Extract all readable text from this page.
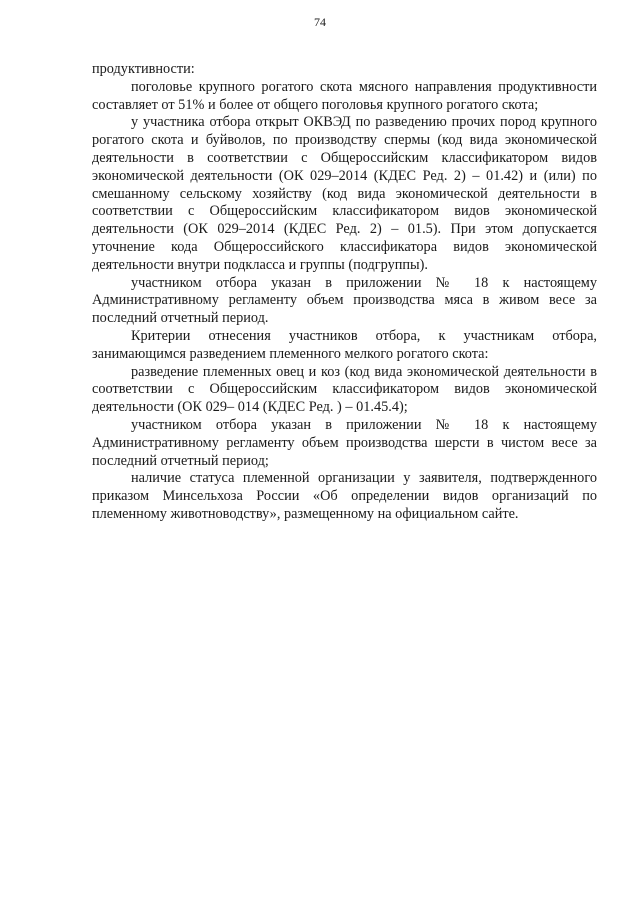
74

продуктивности:

поголовье крупного рогатого скота мясного направления продуктивности составляет от 51% и более от общего поголовья крупного рогатого скота;

у участника отбора открыт ОКВЭД по разведению прочих пород крупного рогатого скота и буйволов, по производству спермы (код вида экономической деятельности в соответствии с Общероссийским классификатором видов экономической деятельности (ОК 029–2014 (КДЕС Ред. 2) – 01.42) и (или) по смешанному сельскому хозяйству (код вида экономической деятельности в соответствии с Общероссийским классификатором видов экономической деятельности (ОК 029–2014 (КДЕС Ред. 2) – 01.5). При этом допускается уточнение кода Общероссийского классификатора видов экономической деятельности внутри подкласса и группы (подгруппы).

участником отбора указан в приложении № 18 к настоящему Административному регламенту объем производства мяса в живом весе за последний отчетный период.

Критерии отнесения участников отбора, к участникам отбора, занимающимся разведением племенного мелкого рогатого скота:

разведение племенных овец и коз (код вида экономической деятельности в соответствии с Общероссийским классификатором видов экономической деятельности (ОК 029– 014 (КДЕС Ред. ) – 01.45.4);

участником отбора указан в приложении № 18 к настоящему Административному регламенту объем производства шерсти в чистом весе за последний отчетный период;

наличие статуса племенной организации у заявителя, подтвержденного приказом Минсельхоза России «Об определении видов организаций по племенному животноводству», размещенному на официальном сайте.
